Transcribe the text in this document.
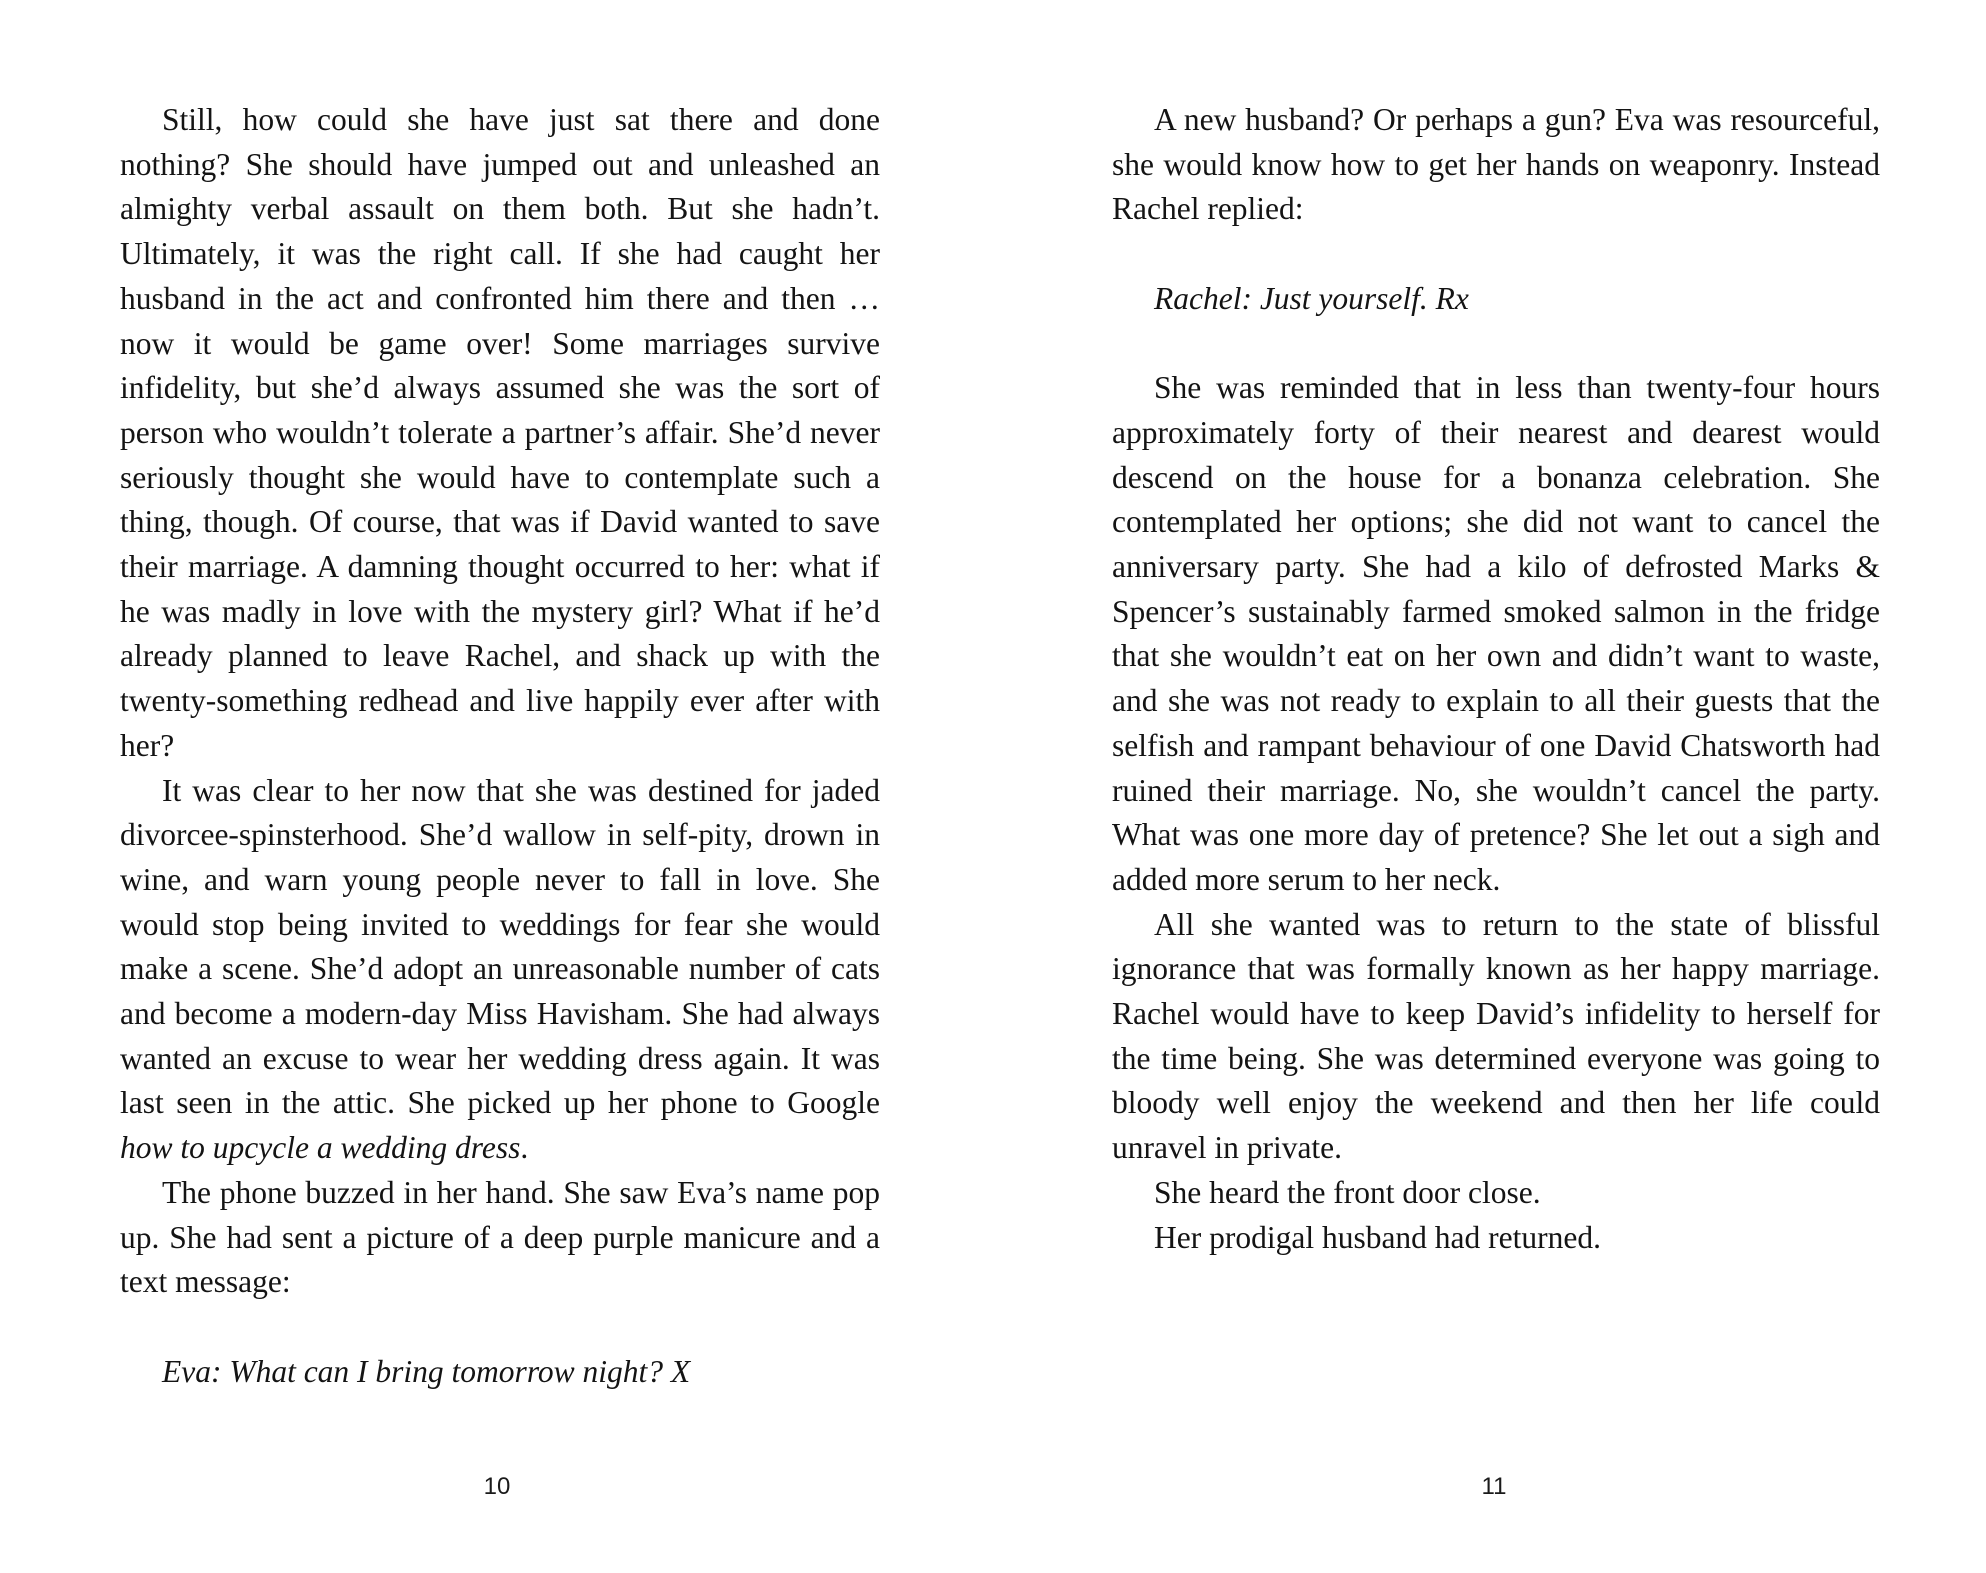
Still, how could she have just sat there and done nothing? She should have jumped out and unleashed an almighty verbal assault on them both. But she hadn’t. Ultimately, it was the right call. If she had caught her husband in the act and confronted him there and then … now it would be game over! Some marriages survive infidelity, but she’d always assumed she was the sort of person who wouldn’t tolerate a partner’s affair. She’d never seriously thought she would have to contemplate such a thing, though. Of course, that was if David wanted to save their marriage. A damning thought occurred to her: what if he was madly in love with the mystery girl? What if he’d already planned to leave Rachel, and shack up with the twenty-something redhead and live happily ever after with her?

It was clear to her now that she was destined for jaded divorcee-spinsterhood. She’d wallow in self-pity, drown in wine, and warn young people never to fall in love. She would stop being invited to weddings for fear she would make a scene. She’d adopt an unreasonable number of cats and become a modern-day Miss Havisham. She had always wanted an excuse to wear her wedding dress again. It was last seen in the attic. She picked up her phone to Google how to upcycle a wedding dress.

The phone buzzed in her hand. She saw Eva’s name pop up. She had sent a picture of a deep purple manicure and a text message:

Eva: What can I bring tomorrow night? X
10

A new husband? Or perhaps a gun? Eva was resourceful, she would know how to get her hands on weaponry. Instead Rachel replied:

Rachel: Just yourself. Rx

She was reminded that in less than twenty-four hours approximately forty of their nearest and dearest would descend on the house for a bonanza celebration. She contemplated her options; she did not want to cancel the anniversary party. She had a kilo of defrosted Marks & Spencer’s sustainably farmed smoked salmon in the fridge that she wouldn’t eat on her own and didn’t want to waste, and she was not ready to explain to all their guests that the selfish and rampant behaviour of one David Chatsworth had ruined their marriage. No, she wouldn’t cancel the party. What was one more day of pretence? She let out a sigh and added more serum to her neck.

All she wanted was to return to the state of blissful ignorance that was formally known as her happy marriage. Rachel would have to keep David’s infidelity to herself for the time being. She was determined everyone was going to bloody well enjoy the weekend and then her life could unravel in private.

She heard the front door close.

Her prodigal husband had returned.

11
